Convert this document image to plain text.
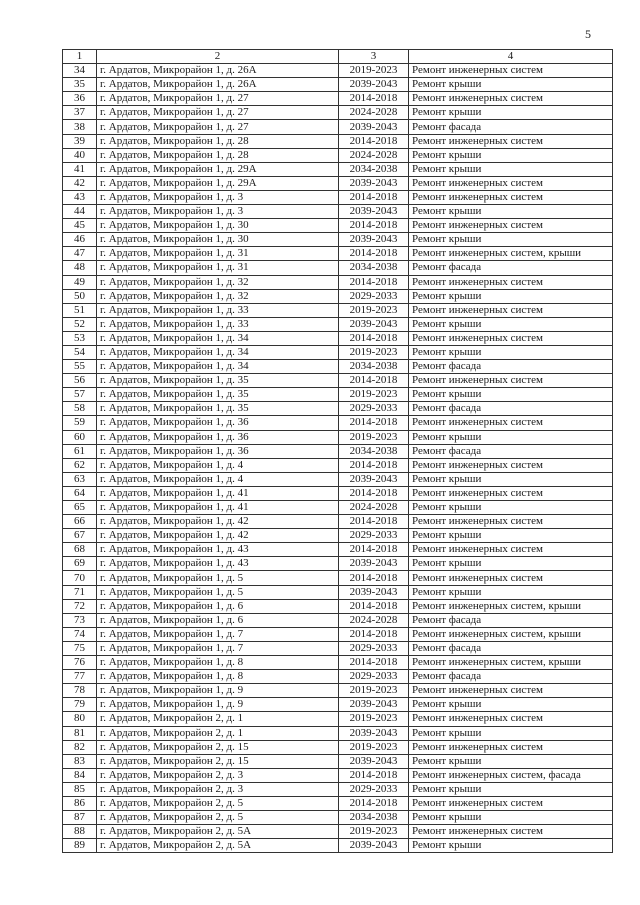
5
1	2	3	4
34	г. Ардатов, Микрорайон 1, д. 26А	2019-2023	Ремонт инженерных систем
35	г. Ардатов, Микрорайон 1, д. 26А	2039-2043	Ремонт крыши
36	г. Ардатов, Микрорайон 1, д. 27	2014-2018	Ремонт инженерных систем
37	г. Ардатов, Микрорайон 1, д. 27	2024-2028	Ремонт крыши
38	г. Ардатов, Микрорайон 1, д. 27	2039-2043	Ремонт фасада
39	г. Ардатов, Микрорайон 1, д. 28	2014-2018	Ремонт инженерных систем
40	г. Ардатов, Микрорайон 1, д. 28	2024-2028	Ремонт крыши
41	г. Ардатов, Микрорайон 1, д. 29А	2034-2038	Ремонт крыши
42	г. Ардатов, Микрорайон 1, д. 29А	2039-2043	Ремонт инженерных систем
43	г. Ардатов, Микрорайон 1, д. 3	2014-2018	Ремонт инженерных систем
44	г. Ардатов, Микрорайон 1, д. 3	2039-2043	Ремонт крыши
45	г. Ардатов, Микрорайон 1, д. 30	2014-2018	Ремонт инженерных систем
46	г. Ардатов, Микрорайон 1, д. 30	2039-2043	Ремонт крыши
47	г. Ардатов, Микрорайон 1, д. 31	2014-2018	Ремонт инженерных систем, крыши
48	г. Ардатов, Микрорайон 1, д. 31	2034-2038	Ремонт фасада
49	г. Ардатов, Микрорайон 1, д. 32	2014-2018	Ремонт инженерных систем
50	г. Ардатов, Микрорайон 1, д. 32	2029-2033	Ремонт крыши
51	г. Ардатов, Микрорайон 1, д. 33	2019-2023	Ремонт инженерных систем
52	г. Ардатов, Микрорайон 1, д. 33	2039-2043	Ремонт крыши
53	г. Ардатов, Микрорайон 1, д. 34	2014-2018	Ремонт инженерных систем
54	г. Ардатов, Микрорайон 1, д. 34	2019-2023	Ремонт крыши
55	г. Ардатов, Микрорайон 1, д. 34	2034-2038	Ремонт фасада
56	г. Ардатов, Микрорайон 1, д. 35	2014-2018	Ремонт инженерных систем
57	г. Ардатов, Микрорайон 1, д. 35	2019-2023	Ремонт крыши
58	г. Ардатов, Микрорайон 1, д. 35	2029-2033	Ремонт фасада
59	г. Ардатов, Микрорайон 1, д. 36	2014-2018	Ремонт инженерных систем
60	г. Ардатов, Микрорайон 1, д. 36	2019-2023	Ремонт крыши
61	г. Ардатов, Микрорайон 1, д. 36	2034-2038	Ремонт фасада
62	г. Ардатов, Микрорайон 1, д. 4	2014-2018	Ремонт инженерных систем
63	г. Ардатов, Микрорайон 1, д. 4	2039-2043	Ремонт крыши
64	г. Ардатов, Микрорайон 1, д. 41	2014-2018	Ремонт инженерных систем
65	г. Ардатов, Микрорайон 1, д. 41	2024-2028	Ремонт крыши
66	г. Ардатов, Микрорайон 1, д. 42	2014-2018	Ремонт инженерных систем
67	г. Ардатов, Микрорайон 1, д. 42	2029-2033	Ремонт крыши
68	г. Ардатов, Микрорайон 1, д. 43	2014-2018	Ремонт инженерных систем
69	г. Ардатов, Микрорайон 1, д. 43	2039-2043	Ремонт крыши
70	г. Ардатов, Микрорайон 1, д. 5	2014-2018	Ремонт инженерных систем
71	г. Ардатов, Микрорайон 1, д. 5	2039-2043	Ремонт крыши
72	г. Ардатов, Микрорайон 1, д. 6	2014-2018	Ремонт инженерных систем, крыши
73	г. Ардатов, Микрорайон 1, д. 6	2024-2028	Ремонт фасада
74	г. Ардатов, Микрорайон 1, д. 7	2014-2018	Ремонт инженерных систем, крыши
75	г. Ардатов, Микрорайон 1, д. 7	2029-2033	Ремонт фасада
76	г. Ардатов, Микрорайон 1, д. 8	2014-2018	Ремонт инженерных систем, крыши
77	г. Ардатов, Микрорайон 1, д. 8	2029-2033	Ремонт фасада
78	г. Ардатов, Микрорайон 1, д. 9	2019-2023	Ремонт инженерных систем
79	г. Ардатов, Микрорайон 1, д. 9	2039-2043	Ремонт крыши
80	г. Ардатов, Микрорайон 2, д. 1	2019-2023	Ремонт инженерных систем
81	г. Ардатов, Микрорайон 2, д. 1	2039-2043	Ремонт крыши
82	г. Ардатов, Микрорайон 2, д. 15	2019-2023	Ремонт инженерных систем
83	г. Ардатов, Микрорайон 2, д. 15	2039-2043	Ремонт крыши
84	г. Ардатов, Микрорайон 2, д. 3	2014-2018	Ремонт инженерных систем, фасада
85	г. Ардатов, Микрорайон 2, д. 3	2029-2033	Ремонт крыши
86	г. Ардатов, Микрорайон 2, д. 5	2014-2018	Ремонт инженерных систем
87	г. Ардатов, Микрорайон 2, д. 5	2034-2038	Ремонт крыши
88	г. Ардатов, Микрорайон 2, д. 5А	2019-2023	Ремонт инженерных систем
89	г. Ардатов, Микрорайон 2, д. 5А	2039-2043	Ремонт крыши
